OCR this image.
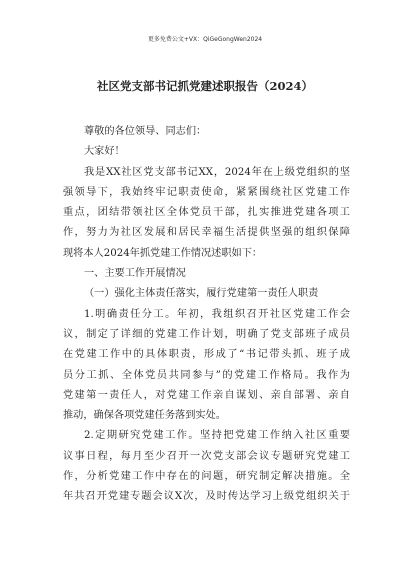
更多免费公文+VX：QiGeGongWen2024
社区党支部书记抓党建述职报告（2024）
尊敬的各位领导、同志们：
大家好！
我是XX社区党支部书记XX，2024年在上级党组织的坚
强领导下，我始终牢记职责使命，紧紧围绕社区党建工作
重点，团结带领社区全体党员干部，扎实推进党建各项工
作，努力为社区发展和居民幸福生活提供坚强的组织保障
现将本人2024年抓党建工作情况述职如下：
一、主要工作开展情况
（一）强化主体责任落实，履行党建第一责任人职责
1.明确责任分工。年初，我组织召开社区党建工作会
议，制定了详细的党建工作计划，明确了党支部班子成员
在党建工作中的具体职责，形成了“书记带头抓、班子成
员分工抓、全体党员共同参与”的党建工作格局。我作为
党建第一责任人，对党建工作亲自谋划、亲自部署、亲自
推动，确保各项党建任务落到实处。
2.定期研究党建工作。坚持把党建工作纳入社区重要
议事日程，每月至少召开一次党支部会议专题研究党建工
作，分析党建工作中存在的问题，研究制定解决措施。全
年共召开党建专题会议X次，及时传达学习上级党组织关于
